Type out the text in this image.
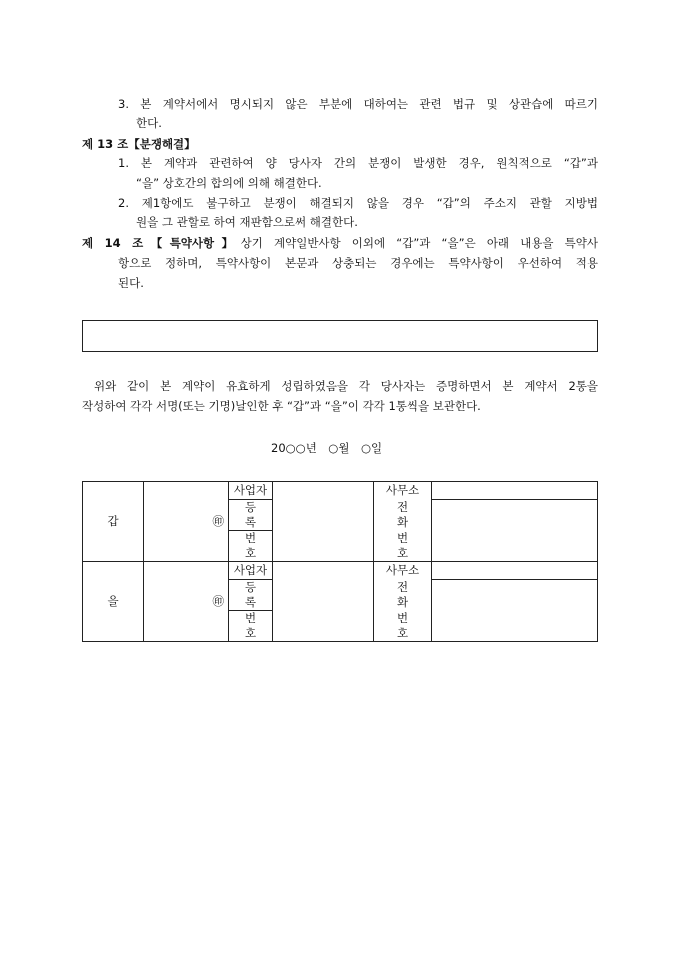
3. 본 계약서에서 명시되지 않은 부분에 대하여는 관련 법규 및 상관습에 따르기
한다.
제 13 조【분쟁해결】
1. 본 계약과 관련하여 양 당사자 간의 분쟁이 발생한 경우, 원칙적으로 “갑”과
“을” 상호간의 합의에 의해 해결한다.
2. 제1항에도 불구하고 분쟁이 해결되지 않을 경우 “갑”의 주소지 관할 지방법
원을 그 관할로 하여 재판함으로써 해결한다.
제 14 조【특약사항】상기 계약일반사항 이외에 “갑”과 “을”은 아래 내용을 특약사
항으로 정하며, 특약사항이 본문과 상충되는 경우에는 특약사항이 우선하여 적용
된다.
위와 같이 본 계약이 유효하게 성립하였음을 각 당사자는 증명하면서 본 계약서 2통을
작성하여 각각 서명(또는 기명)날인한 후 “갑”과 “을”이 각각 1통씩을 보관한다.
20○○년　○월　○일
갑	㊞	사업자		사무소	
		등록		전화	
		번호		번호	
을	㊞	사업자		사무소	
		등록		전화	
		번호		번호	
